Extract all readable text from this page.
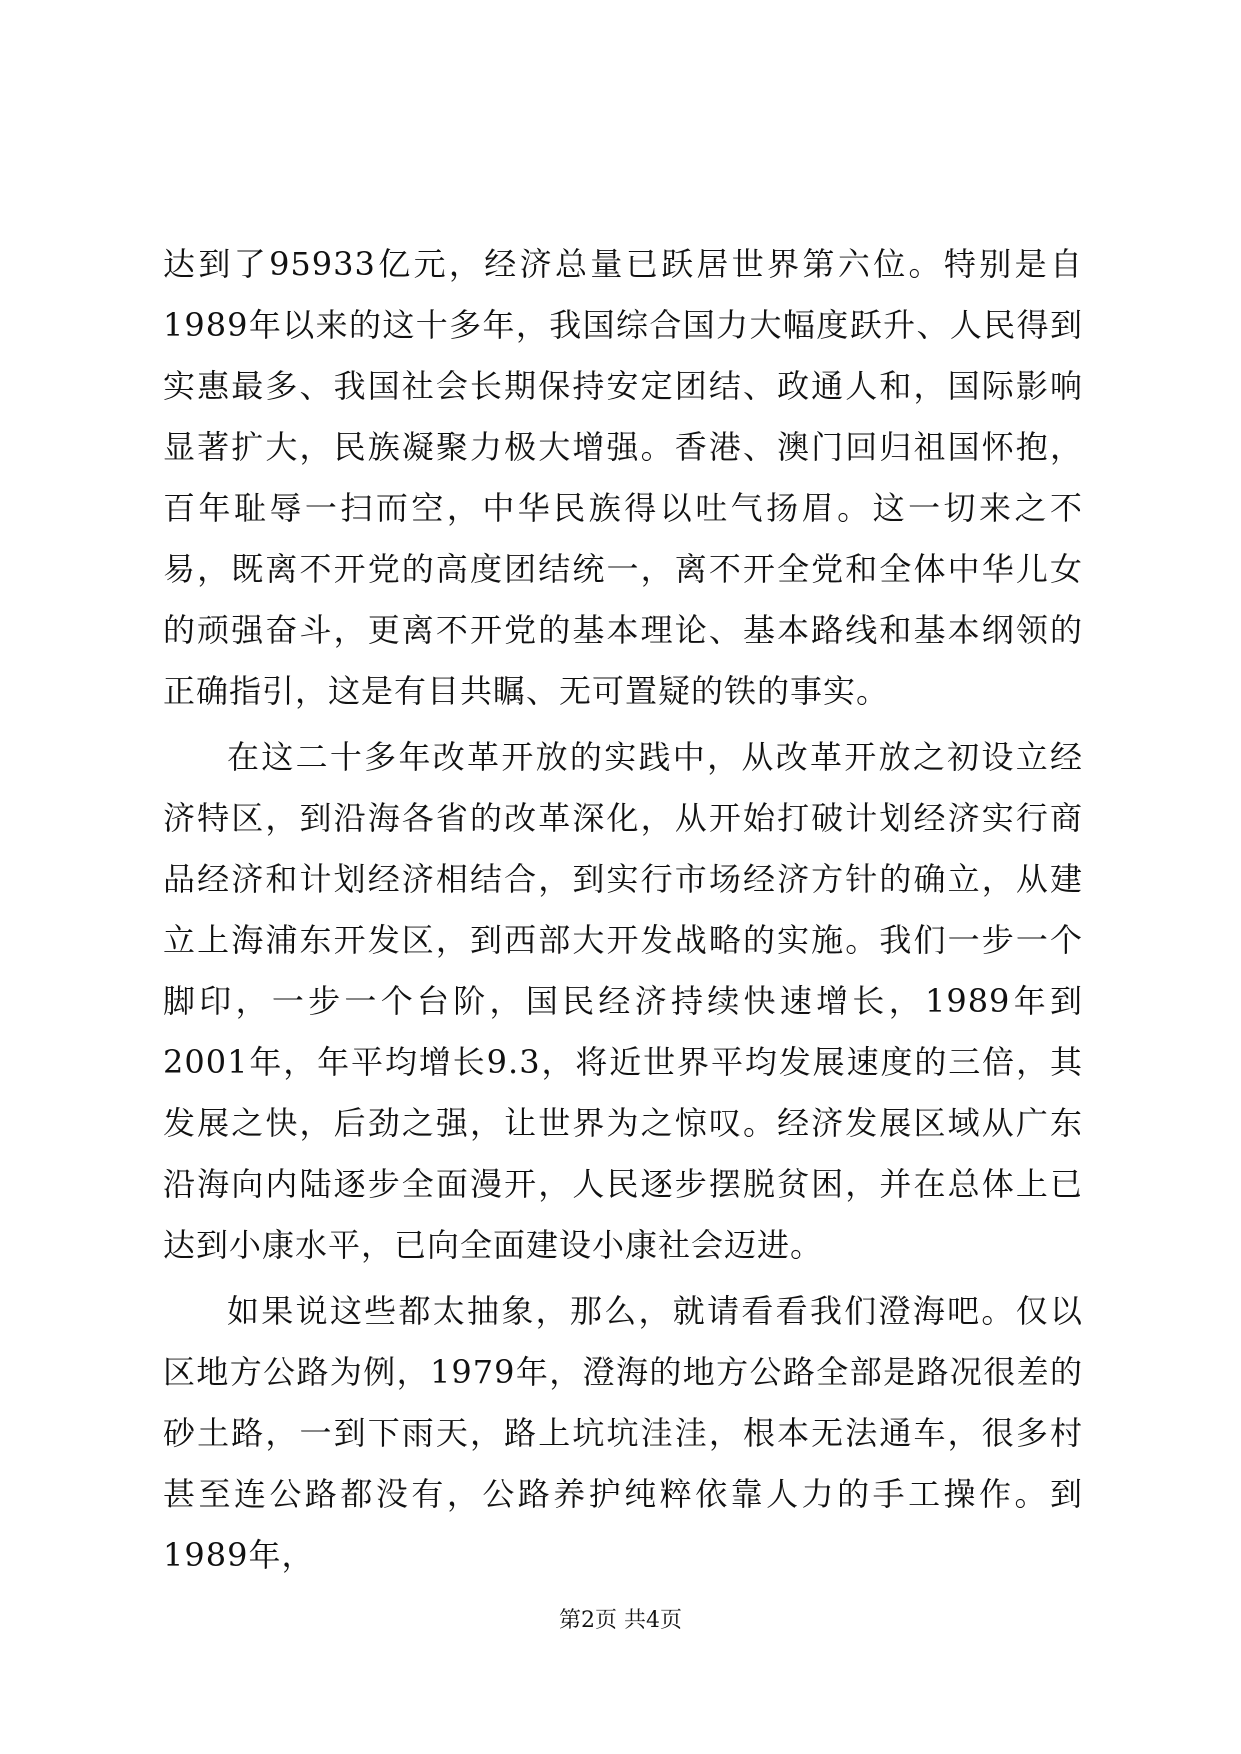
达到了95933亿元，经济总量已跃居世界第六位。特别是自1989年以来的这十多年，我国综合国力大幅度跃升、人民得到实惠最多、我国社会长期保持安定团结、政通人和，国际影响显著扩大，民族凝聚力极大增强。香港、澳门回归祖国怀抱，百年耻辱一扫而空，中华民族得以吐气扬眉。这一切来之不易，既离不开党的高度团结统一，离不开全党和全体中华儿女的顽强奋斗，更离不开党的基本理论、基本路线和基本纲领的正确指引，这是有目共瞩、无可置疑的铁的事实。

在这二十多年改革开放的实践中，从改革开放之初设立经济特区，到沿海各省的改革深化，从开始打破计划经济实行商品经济和计划经济相结合，到实行市场经济方针的确立，从建立上海浦东开发区，到西部大开发战略的实施。我们一步一个脚印，一步一个台阶，国民经济持续快速增长，1989年到2001年，年平均增长9.3，将近世界平均发展速度的三倍，其发展之快，后劲之强，让世界为之惊叹。经济发展区域从广东沿海向内陆逐步全面漫开，人民逐步摆脱贫困，并在总体上已达到小康水平，已向全面建设小康社会迈进。

如果说这些都太抽象，那么，就请看看我们澄海吧。仅以区地方公路为例，1979年，澄海的地方公路全部是路况很差的砂土路，一到下雨天，路上坑坑洼洼，根本无法通车，很多村甚至连公路都没有，公路养护纯粹依靠人力的手工操作。到1989年，

第2页 共4页
